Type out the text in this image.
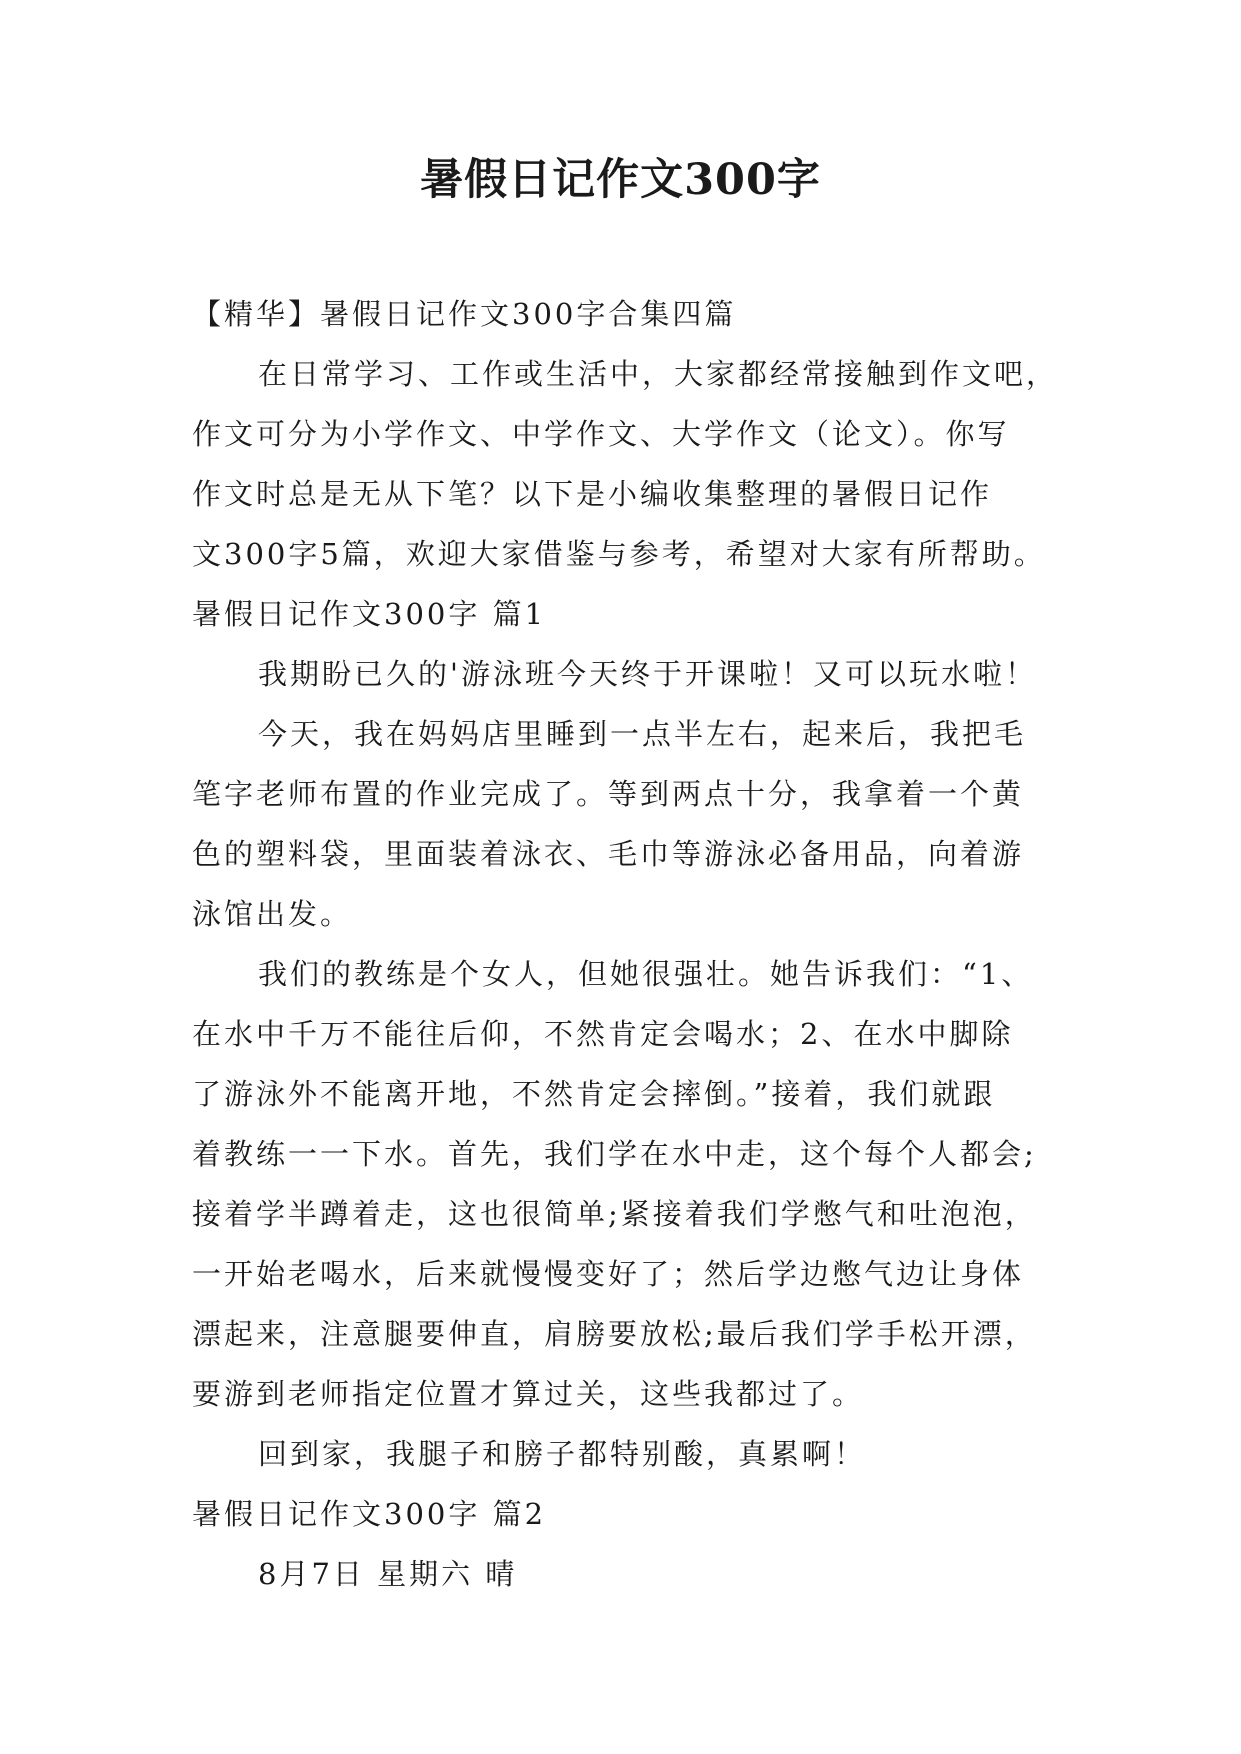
暑假日记作文300字
【精华】暑假日记作文300字合集四篇
在日常学习、工作或生活中，大家都经常接触到作文吧，
作文可分为小学作文、中学作文、大学作文（论文）。你写
作文时总是无从下笔？以下是小编收集整理的暑假日记作
文300字5篇，欢迎大家借鉴与参考，希望对大家有所帮助。
暑假日记作文300字 篇1
我期盼已久的'游泳班今天终于开课啦！又可以玩水啦！
今天，我在妈妈店里睡到一点半左右，起来后，我把毛
笔字老师布置的作业完成了。等到两点十分，我拿着一个黄
色的塑料袋，里面装着泳衣、毛巾等游泳必备用品，向着游
泳馆出发。
我们的教练是个女人，但她很强壮。她告诉我们：“1、
在水中千万不能往后仰，不然肯定会喝水；2、在水中脚除
了游泳外不能离开地，不然肯定会摔倒。”接着，我们就跟
着教练一一下水。首先，我们学在水中走，这个每个人都会;
接着学半蹲着走，这也很简单;紧接着我们学憋气和吐泡泡，
一开始老喝水，后来就慢慢变好了；然后学边憋气边让身体
漂起来，注意腿要伸直，肩膀要放松;最后我们学手松开漂，
要游到老师指定位置才算过关，这些我都过了。
回到家，我腿子和膀子都特别酸，真累啊！
暑假日记作文300字 篇2
8月7日 星期六 晴
